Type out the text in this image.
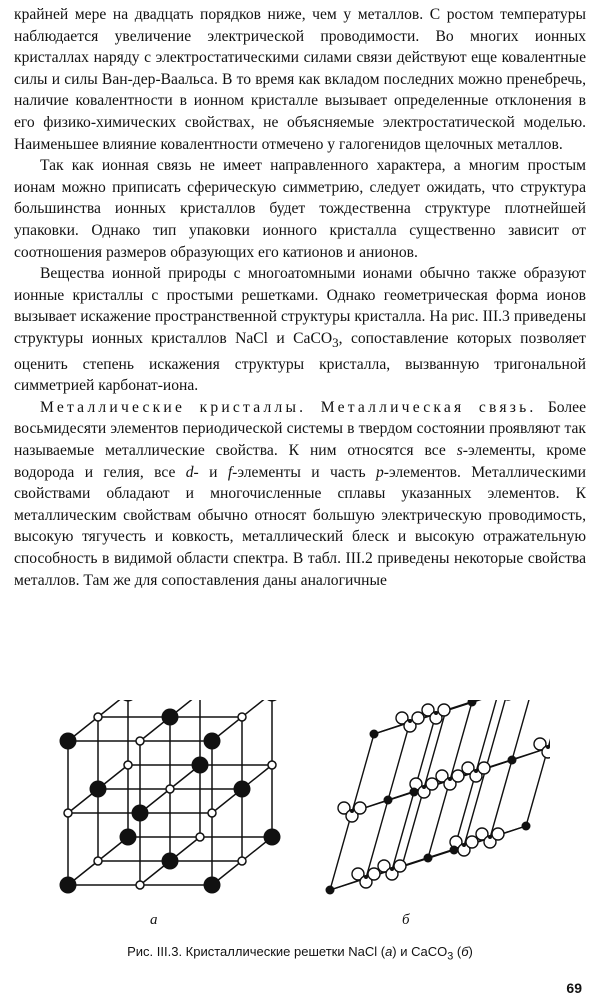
крайней мере на двадцать порядков ниже, чем у металлов. С ростом температуры наблюдается увеличение электрической проводимости. Во многих ионных кристаллах наряду с электростатическими силами связи действуют еще ковалентные силы и силы Ван-дер-Ваальса. В то время как вкладом последних можно пренебречь, наличие ковалентности в ионном кристалле вызывает определенные отклонения в его физико-химических свойствах, не объясняемые электростатической моделью. Наименьшее влияние ковалентности отмечено у галогенидов щелочных металлов.

Так как ионная связь не имеет направленного характера, а многим простым ионам можно приписать сферическую симметрию, следует ожидать, что структура большинства ионных кристаллов будет тождественна структуре плотнейшей упаковки. Однако тип упаковки ионного кристалла существенно зависит от соотношения размеров образующих его катионов и анионов.

Вещества ионной природы с многоатомными ионами обычно также образуют ионные кристаллы с простыми решетками. Однако геометрическая форма ионов вызывает искажение пространственной структуры кристалла. На рис. III.3 приведены структуры ионных кристаллов NaCl и CaCO$_3$, сопоставление которых позволяет оценить степень искажения структуры кристалла, вызванную тригональной симметрией карбонат-иона.

Металлические кристаллы. Металлическая связь. Более восьмидесяти элементов периодической системы в твердом состоянии проявляют так называемые металлические свойства. К ним относятся все s-элементы, кроме водорода и гелия, все d- и f-элементы и часть p-элементов. Металлическими свойствами обладают и многочисленные сплавы указанных элементов. К металлическим свойствам обычно относят большую электрическую проводимость, высокую тягучесть и ковкость, металлический блеск и высокую отражательную способность в видимой области спектра. В табл. III.2 приведены некоторые свойства металлов. Там же для сопоставления даны аналогичные

а	б
Рис. III.3. Кристаллические решетки NaCl (а) и CaCO$_3$ (б)
69
